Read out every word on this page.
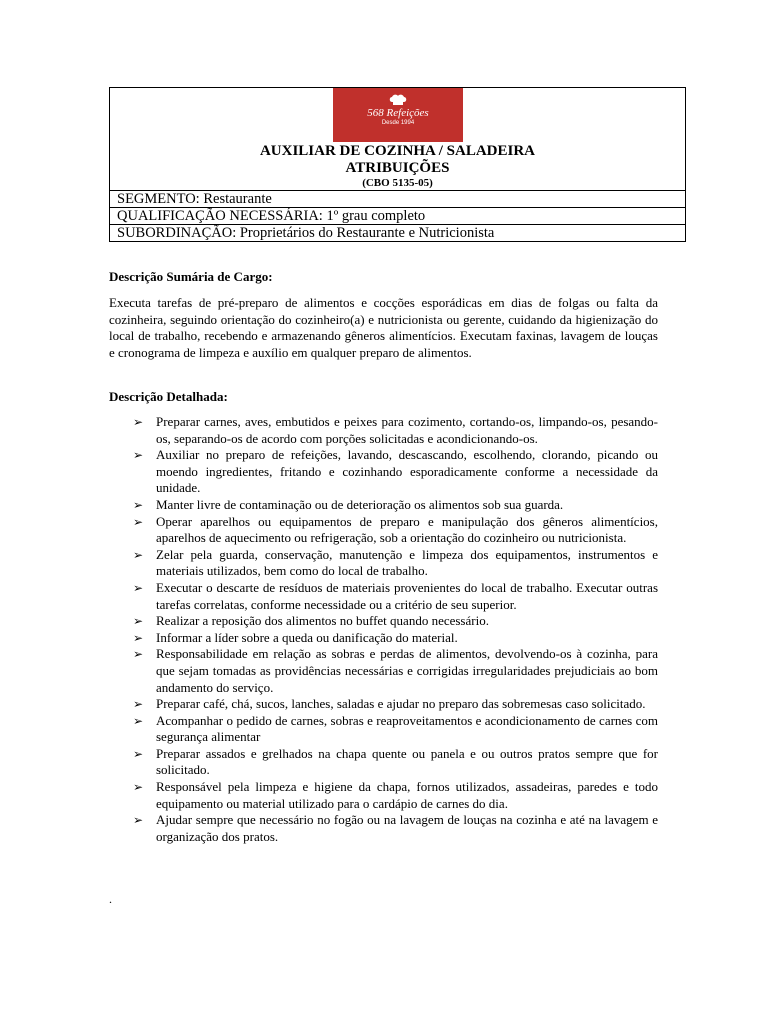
568 Refeições
Desde 1994
AUXILIAR DE COZINHA / SALADEIRA
ATRIBUIÇÕES
(CBO 5135-05)
SEGMENTO: Restaurante
QUALIFICAÇÃO NECESSÁRIA: 1º grau completo
SUBORDINAÇÃO: Proprietários do Restaurante e Nutricionista
Descrição Sumária de Cargo:

Executa tarefas de pré-preparo de alimentos e cocções esporádicas em dias de folgas ou falta da cozinheira, seguindo orientação do cozinheiro(a) e nutricionista ou gerente, cuidando da higienização do local de trabalho, recebendo e armazenando gêneros alimentícios. Executam faxinas, lavagem de louças e cronograma de limpeza e auxílio em qualquer preparo de alimentos.

Descrição Detalhada:
➢ Preparar carnes, aves, embutidos e peixes para cozimento, cortando-os, limpando-os, pesando-os, separando-os de acordo com porções solicitadas e acondicionando-os.
➢ Auxiliar no preparo de refeições, lavando, descascando, escolhendo, clorando, picando ou moendo ingredientes, fritando e cozinhando esporadicamente conforme a necessidade da unidade.
➢ Manter livre de contaminação ou de deterioração os alimentos sob sua guarda.
➢ Operar aparelhos ou equipamentos de preparo e manipulação dos gêneros alimentícios, aparelhos de aquecimento ou refrigeração, sob a orientação do cozinheiro ou nutricionista.
➢ Zelar pela guarda, conservação, manutenção e limpeza dos equipamentos, instrumentos e materiais utilizados, bem como do local de trabalho.
➢ Executar o descarte de resíduos de materiais provenientes do local de trabalho. Executar outras tarefas correlatas, conforme necessidade ou a critério de seu superior.
➢ Realizar a reposição dos alimentos no buffet quando necessário.
➢ Informar a líder sobre a queda ou danificação do material.
➢ Responsabilidade em relação as sobras e perdas de alimentos, devolvendo-os à cozinha, para que sejam tomadas as providências necessárias e corrigidas irregularidades prejudiciais ao bom andamento do serviço.
➢ Preparar café, chá, sucos, lanches, saladas e ajudar no preparo das sobremesas caso solicitado.
➢ Acompanhar o pedido de carnes, sobras e reaproveitamentos e acondicionamento de carnes com segurança alimentar
➢ Preparar assados e grelhados na chapa quente ou panela e ou outros pratos sempre que for solicitado.
➢ Responsável pela limpeza e higiene da chapa, fornos utilizados, assadeiras, paredes e todo equipamento ou material utilizado para o cardápio de carnes do dia.
➢ Ajudar sempre que necessário no fogão ou na lavagem de louças na cozinha e até na lavagem e organização dos pratos.
.
